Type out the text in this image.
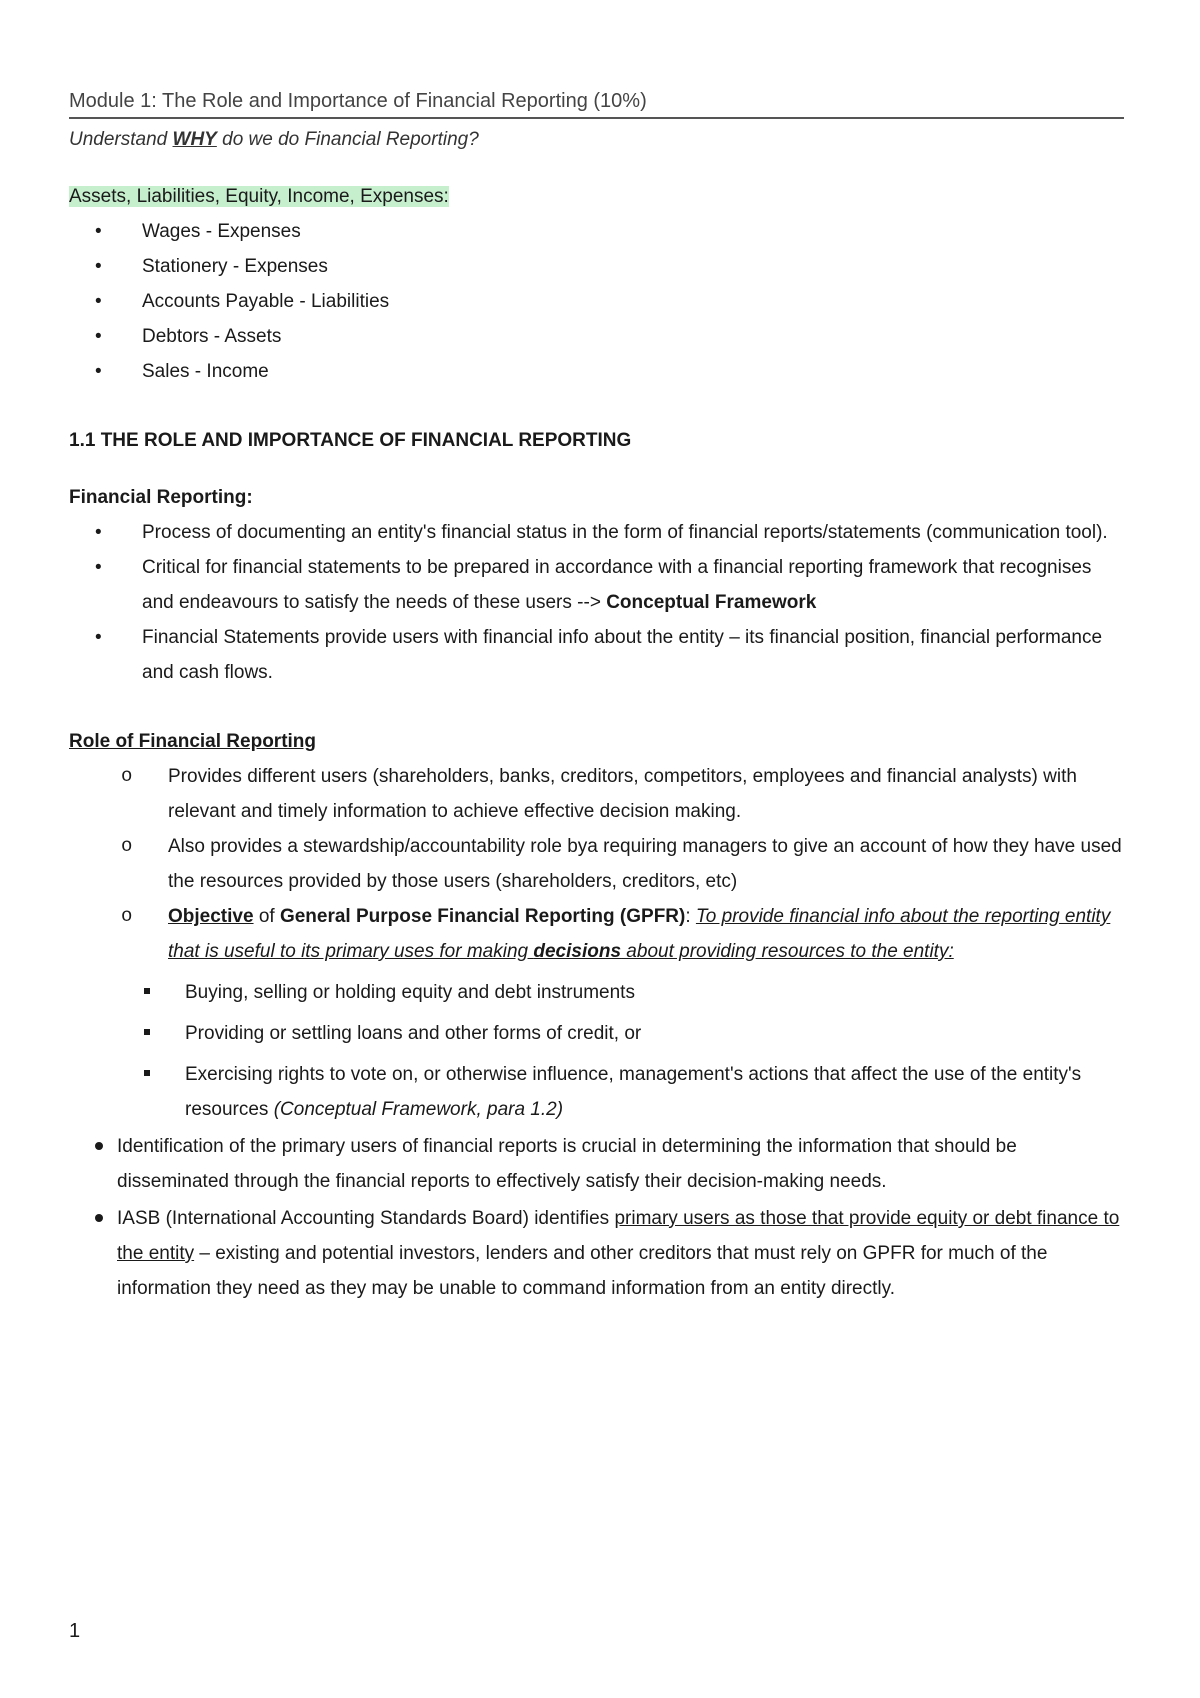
Module 1: The Role and Importance of Financial Reporting (10%)
Understand WHY do we do Financial Reporting?
Assets, Liabilities, Equity, Income, Expenses:
• Wages - Expenses
• Stationery - Expenses
• Accounts Payable - Liabilities
• Debtors - Assets
• Sales - Income
1.1 THE ROLE AND IMPORTANCE OF FINANCIAL REPORTING
Financial Reporting:
• Process of documenting an entity's financial status in the form of financial reports/statements (communication tool).
• Critical for financial statements to be prepared in accordance with a financial reporting framework that recognises and endeavours to satisfy the needs of these users --> Conceptual Framework
• Financial Statements provide users with financial info about the entity – its financial position, financial performance and cash flows.
Role of Financial Reporting
o Provides different users (shareholders, banks, creditors, competitors, employees and financial analysts) with relevant and timely information to achieve effective decision making.
o Also provides a stewardship/accountability role bya requiring managers to give an account of how they have used the resources provided by those users (shareholders, creditors, etc)
o Objective of General Purpose Financial Reporting (GPFR): To provide financial info about the reporting entity that is useful to its primary uses for making decisions about providing resources to the entity:
Buying, selling or holding equity and debt instruments
Providing or settling loans and other forms of credit, or
Exercising rights to vote on, or otherwise influence, management's actions that affect the use of the entity's resources (Conceptual Framework, para 1.2)
Identification of the primary users of financial reports is crucial in determining the information that should be disseminated through the financial reports to effectively satisfy their decision-making needs.
IASB (International Accounting Standards Board) identifies primary users as those that provide equity or debt finance to the entity – existing and potential investors, lenders and other creditors that must rely on GPFR for much of the information they need as they may be unable to command information from an entity directly.
1
